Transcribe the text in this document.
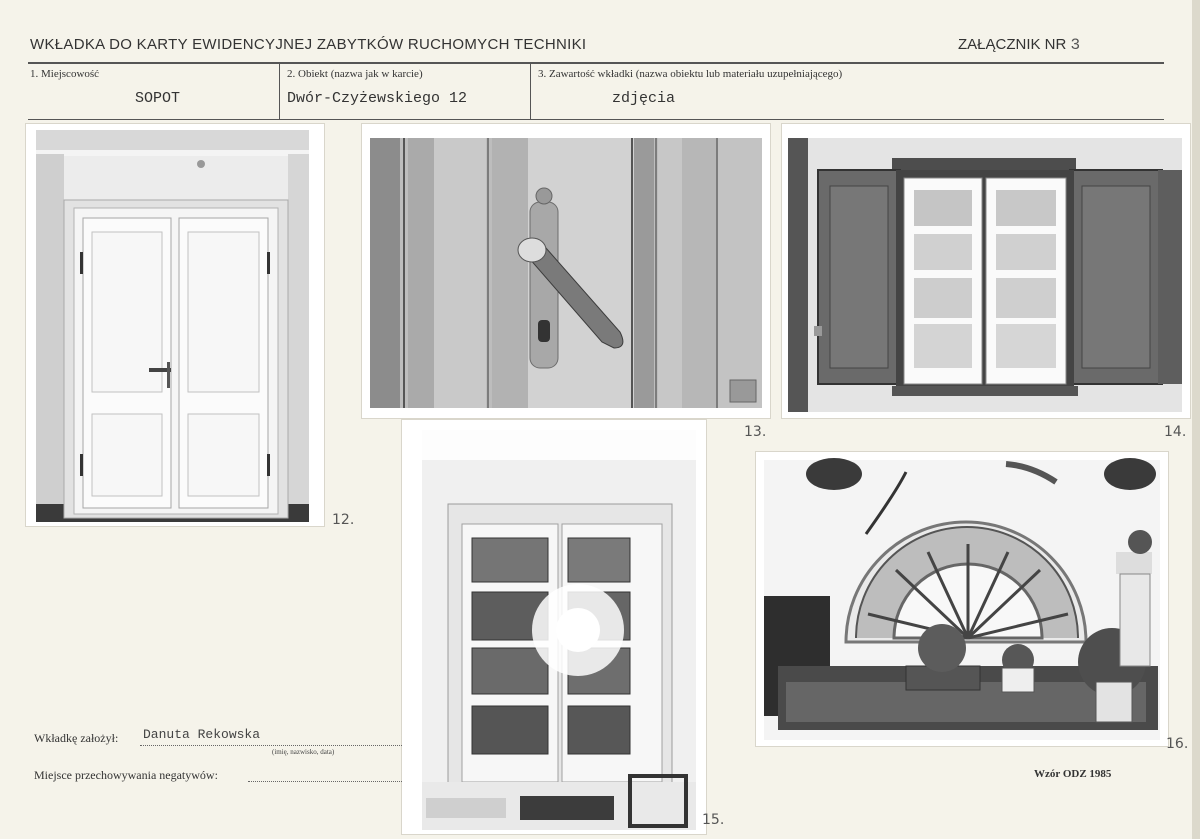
WKŁADKA DO KARTY EWIDENCYJNEJ ZABYTKÓW RUCHOMYCH TECHNIKI	ZAŁĄCZNIK NR 3
1. Miejscowość
SOPOT
2. Obiekt (nazwa jak w karcie)
Dwór-Czyżewskiego 12
3. Zawartość wkładki (nazwa obiektu lub materiału uzupełniającego)
zdjęcia
12.
13.	14.
15.
16.
Wkładkę założył: Danuta Rekowska
(imię, nazwisko, data)
Miejsce przechowywania negatywów:	Wzór ODZ 1985
